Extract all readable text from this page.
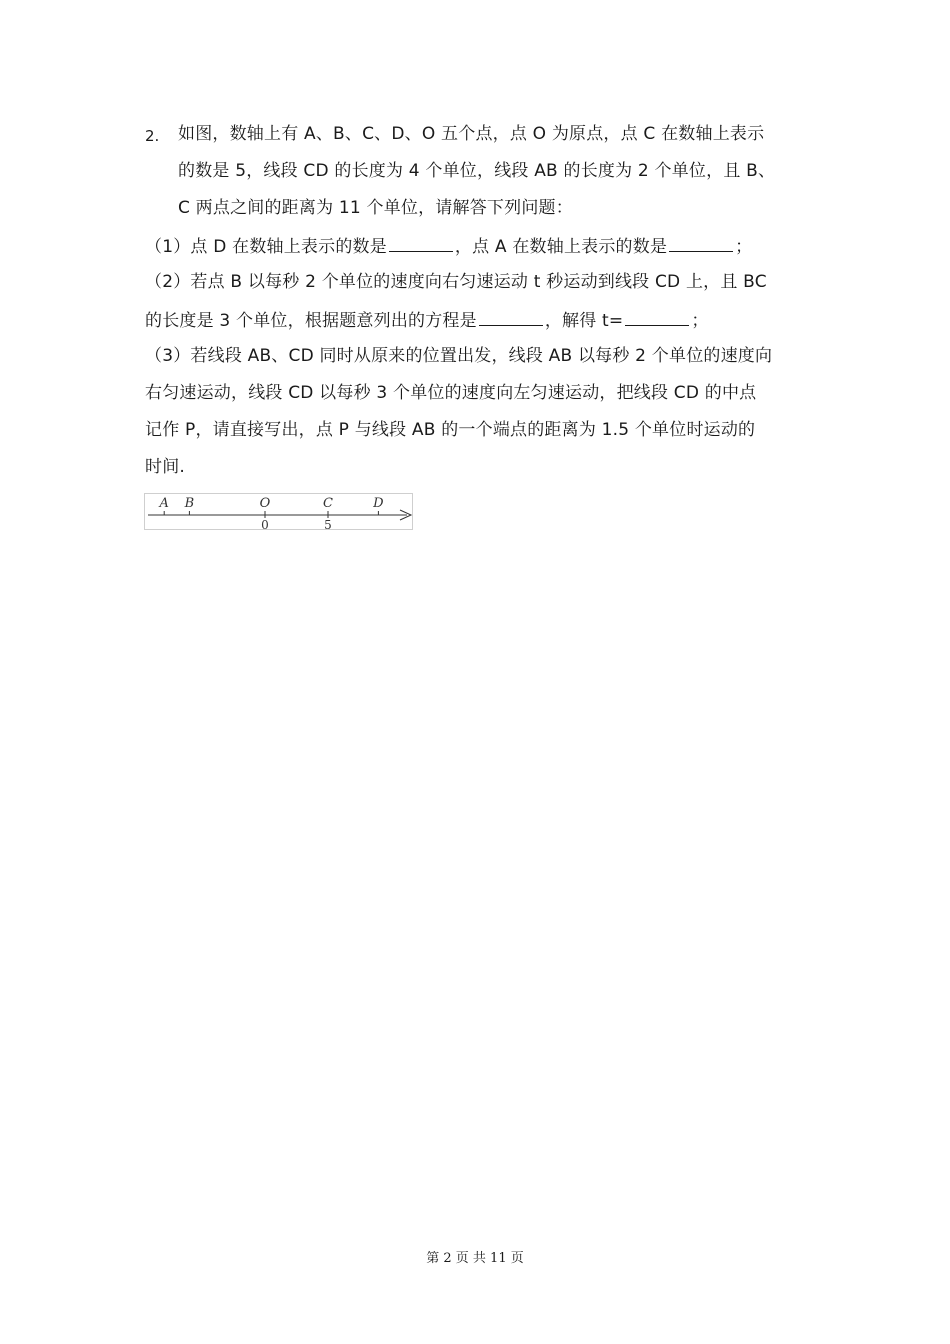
2. 如图，数轴上有 A、B、C、D、O 五个点，点 O 为原点，点 C 在数轴上表示
的数是 5，线段 CD 的长度为 4 个单位，线段 AB 的长度为 2 个单位，且 B、
C 两点之间的距离为 11 个单位，请解答下列问题：
（1）点 D 在数轴上表示的数是	，点 A 在数轴上表示的数是	；
（2）若点 B 以每秒 2 个单位的速度向右匀速运动 t 秒运动到线段 CD 上，且 BC
的长度是 3 个单位，根据题意列出的方程是	，解得 t=	；
（3）若线段 AB、CD 同时从原来的位置出发，线段 AB 以每秒 2 个单位的速度向
右匀速运动，线段 CD 以每秒 3 个单位的速度向左匀速运动，把线段 CD 的中点
记作 P，请直接写出，点 P 与线段 AB 的一个端点的距离为 1.5 个单位时运动的
时间.
A B	O	C	D
0	5
第 2 页 共 11 页
